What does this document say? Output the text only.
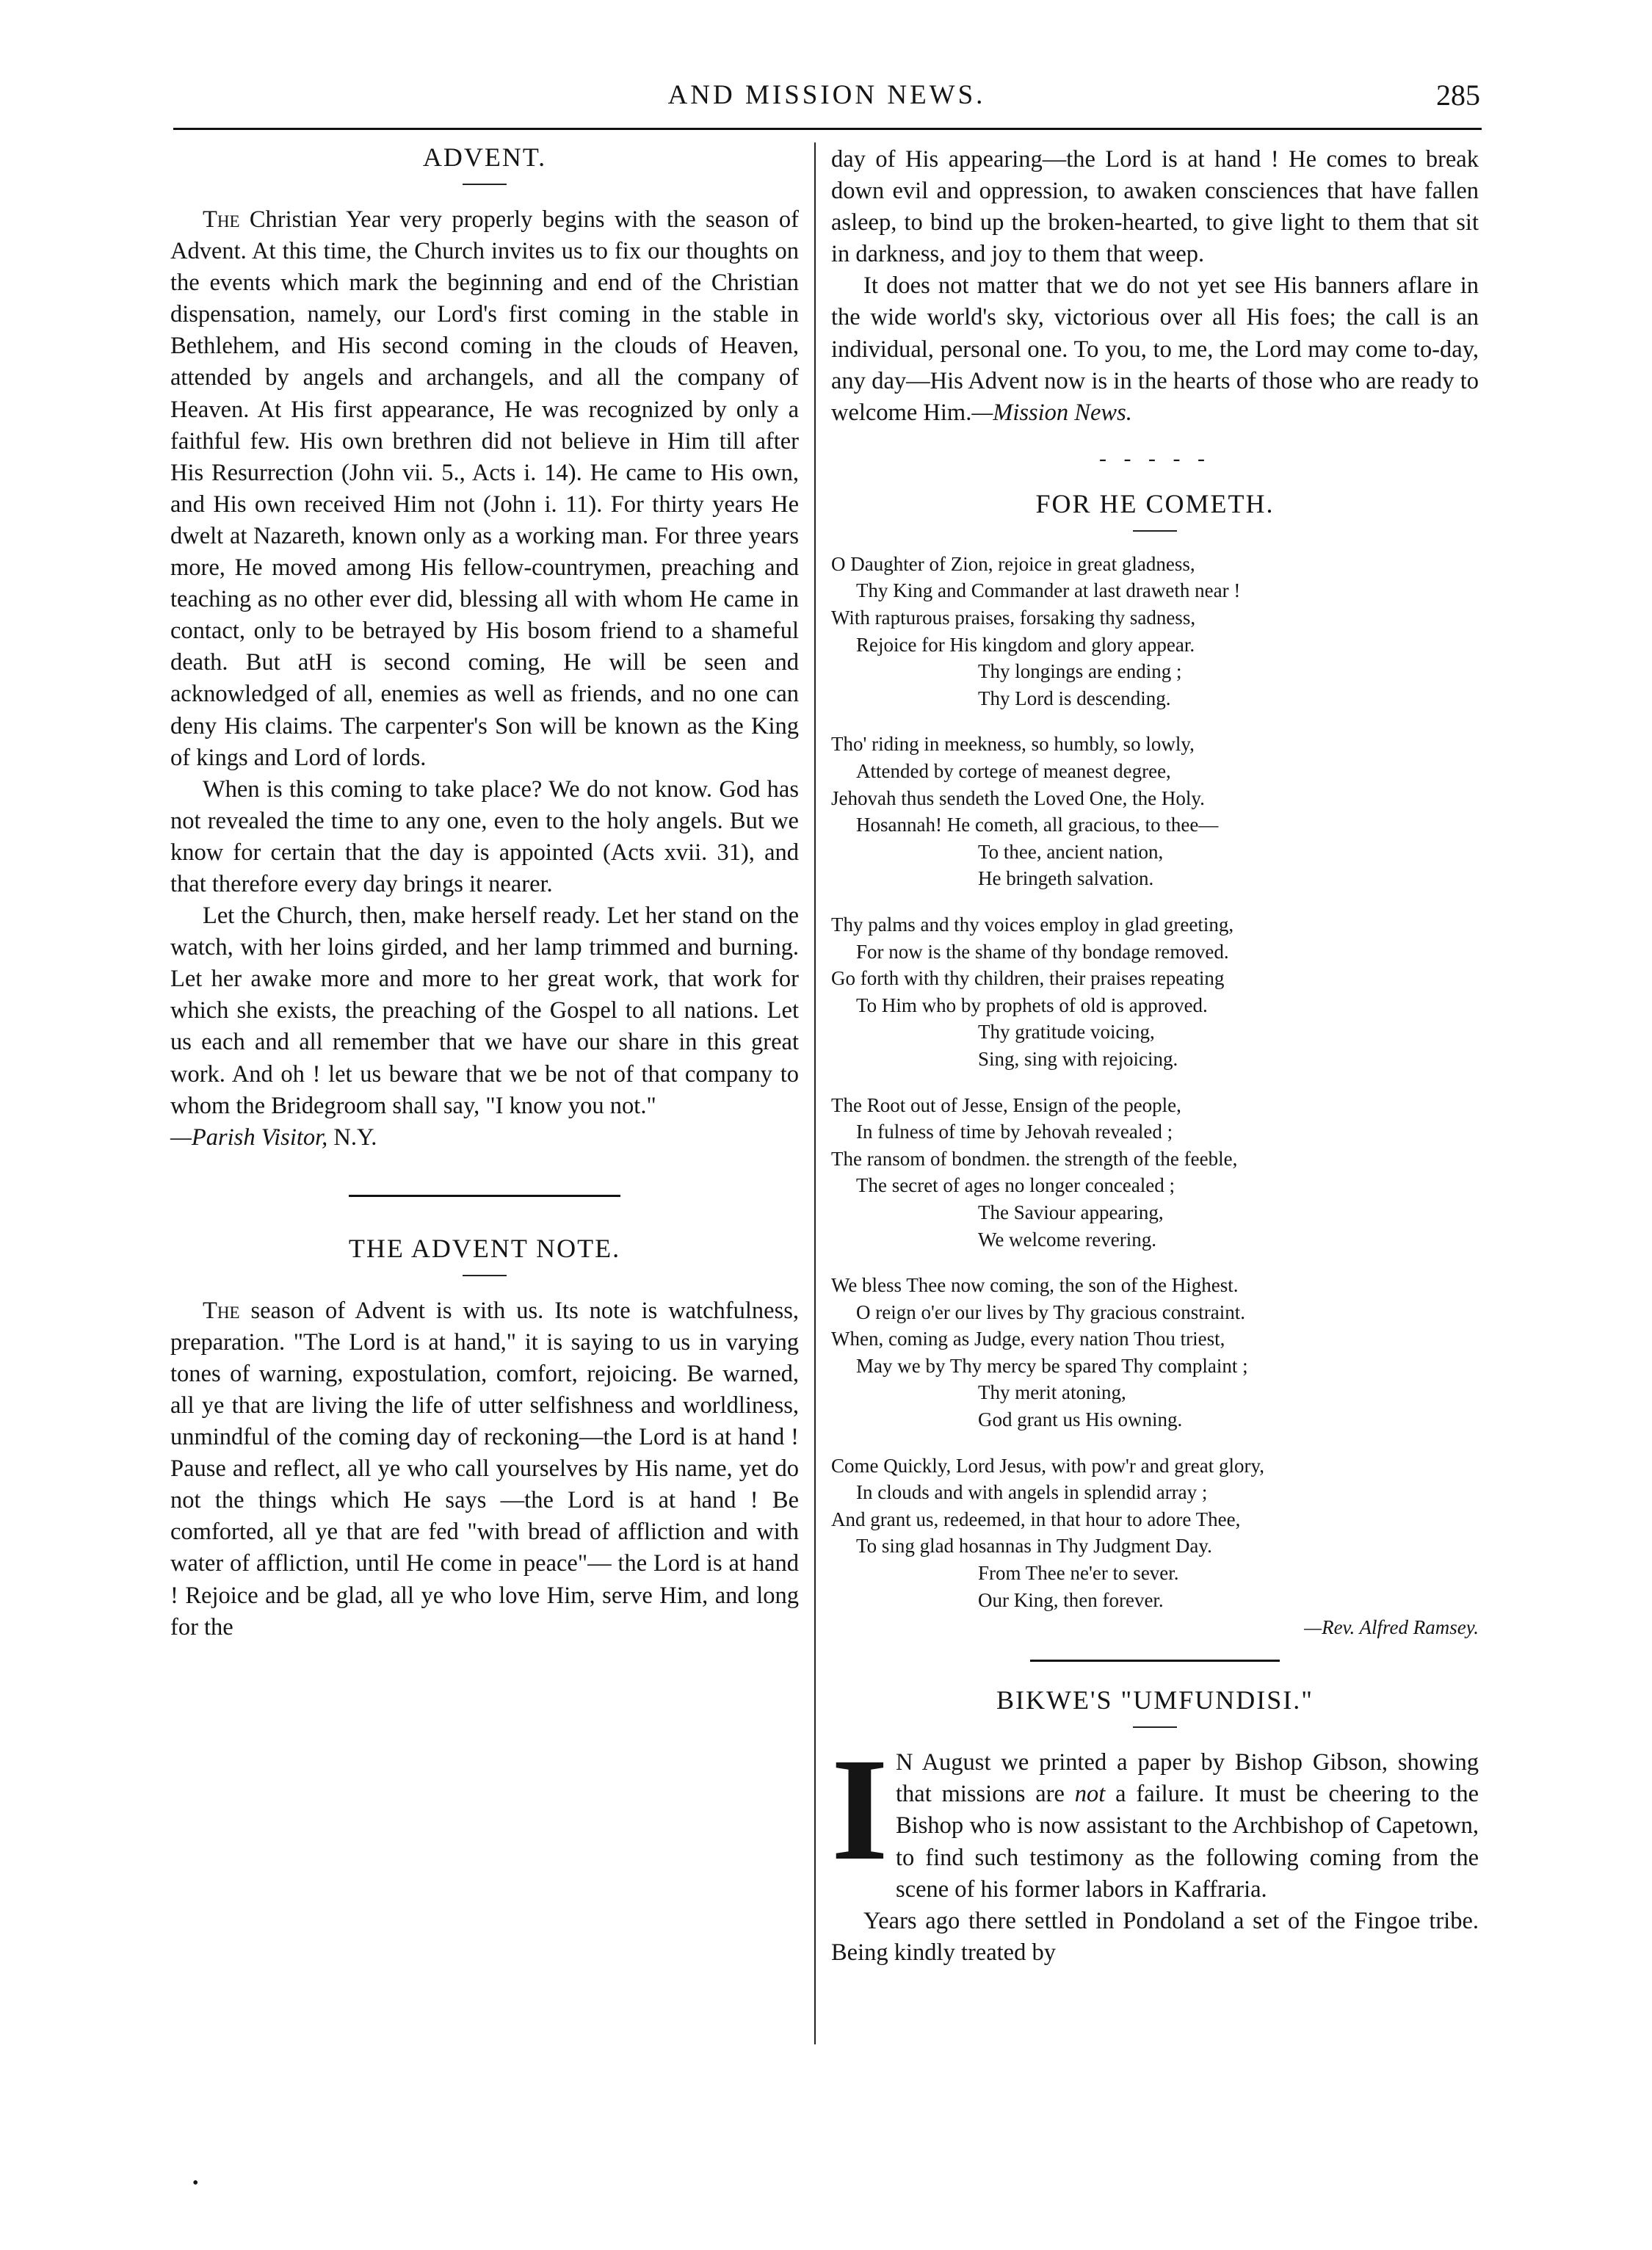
AND MISSION NEWS.	285
ADVENT.

The Christian Year very properly begins with the season of Advent. At this time, the Church invites us to fix our thoughts on the events which mark the beginning and end of the Christian dispensation, namely, our Lord's first coming in the stable in Bethlehem, and His second coming in the clouds of Heaven, attended by angels and archangels, and all the company of Heaven. At His first appearance, He was recognized by only a faithful few. His own brethren did not believe in Him till after His Resurrection (John vii. 5., Acts i. 14). He came to His own, and His own received Him not (John i. 11). For thirty years He dwelt at Nazareth, known only as a working man. For three years more, He moved among His fellow-countrymen, preaching and teaching as no other ever did, blessing all with whom He came in contact, only to be betrayed by His bosom friend to a shameful death. But atH is second coming, He will be seen and acknowledged of all, enemies as well as friends, and no one can deny His claims. The carpenter's Son will be known as the King of kings and Lord of lords.

When is this coming to take place? We do not know. God has not revealed the time to any one, even to the holy angels. But we know for certain that the day is appointed (Acts xvii. 31), and that therefore every day brings it nearer.

Let the Church, then, make herself ready. Let her stand on the watch, with her loins girded, and her lamp trimmed and burning. Let her awake more and more to her great work, that work for which she exists, the preaching of the Gospel to all nations. Let us each and all remember that we have our share in this great work. And oh ! let us beware that we be not of that company to whom the Bridegroom shall say, "I know you not."

—Parish Visitor, N.Y.
THE ADVENT NOTE.

The season of Advent is with us. Its note is watchfulness, preparation. "The Lord is at hand," it is saying to us in varying tones of warning, expostulation, comfort, rejoicing. Be warned, all ye that are living the life of utter selfishness and worldliness, unmindful of the coming day of reckoning—the Lord is at hand ! Pause and reflect, all ye who call yourselves by His name, yet do not the things which He says —the Lord is at hand ! Be comforted, all ye that are fed "with bread of affliction and with water of affliction, until He come in peace"— the Lord is at hand ! Rejoice and be glad, all ye who love Him, serve Him, and long for the

day of His appearing—the Lord is at hand ! He comes to break down evil and oppression, to awaken consciences that have fallen asleep, to bind up the broken-hearted, to give light to them that sit in darkness, and joy to them that weep.

It does not matter that we do not yet see His banners aflare in the wide world's sky, victorious over all His foes; the call is an individual, personal one. To you, to me, the Lord may come to-day, any day—His Advent now is in the hearts of those who are ready to welcome Him.—Mission News.

- - - - -
FOR HE COMETH.
O Daughter of Zion, rejoice in great gladness,
Thy King and Commander at last draweth near !
With rapturous praises, forsaking thy sadness,
Rejoice for His kingdom and glory appear.
Thy longings are ending ;
Thy Lord is descending.
Tho' riding in meekness, so humbly, so lowly,
Attended by cortege of meanest degree,
Jehovah thus sendeth the Loved One, the Holy.
Hosannah! He cometh, all gracious, to thee—
To thee, ancient nation,
He bringeth salvation.
Thy palms and thy voices employ in glad greeting,
For now is the shame of thy bondage removed.
Go forth with thy children, their praises repeating
To Him who by prophets of old is approved.
Thy gratitude voicing,
Sing, sing with rejoicing.
The Root out of Jesse, Ensign of the people,
In fulness of time by Jehovah revealed ;
The ransom of bondmen. the strength of the feeble,
The secret of ages no longer concealed ;
The Saviour appearing,
We welcome revering.
We bless Thee now coming, the son of the Highest.
O reign o'er our lives by Thy gracious constraint.
When, coming as Judge, every nation Thou triest,
May we by Thy mercy be spared Thy complaint ;
Thy merit atoning,
God grant us His owning.
Come Quickly, Lord Jesus, with pow'r and great glory,
In clouds and with angels in splendid array ;
And grant us, redeemed, in that hour to adore Thee,
To sing glad hosannas in Thy Judgment Day.
From Thee ne'er to sever.
Our King, then forever.
—Rev. Alfred Ramsey.
BIKWE'S "UMFUNDISI."

I N August we printed a paper by Bishop Gibson, showing that missions are not a failure. It must be cheering to the Bishop who is now assistant to the Archbishop of Capetown, to find such testimony as the following coming from the scene of his former labors in Kaffraria.

Years ago there settled in Pondoland a set of the Fingoe tribe. Being kindly treated by

•
